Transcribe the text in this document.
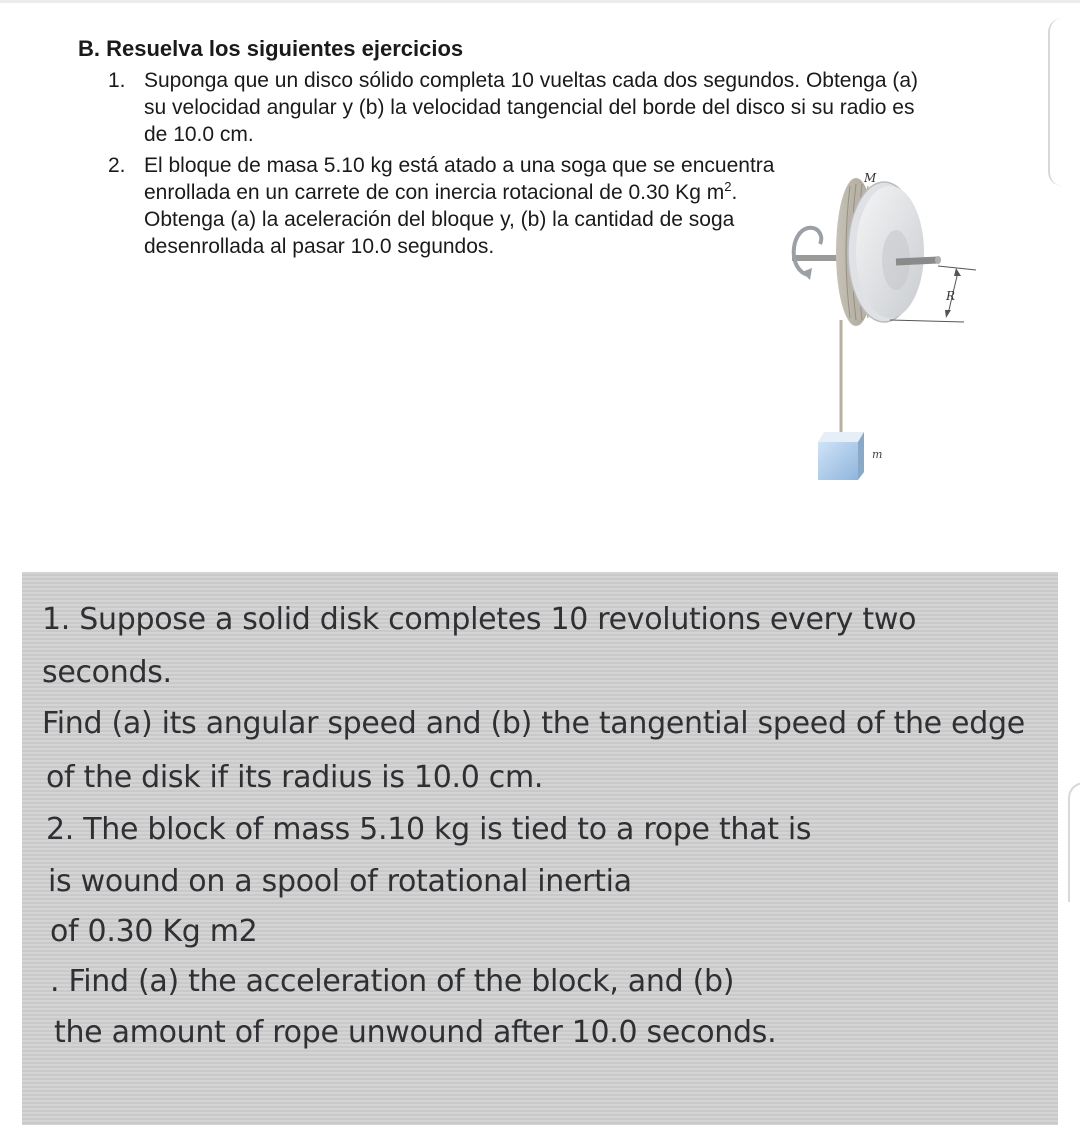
B. Resuelva los siguientes ejercicios
1. Suponga que un disco sólido completa 10 vueltas cada dos segundos. Obtenga (a) su velocidad angular y (b) la velocidad tangencial del borde del disco si su radio es de 10.0 cm.
2. El bloque de masa 5.10 kg está atado a una soga que se encuentra enrollada en un carrete de con inercia rotacional de 0.30 Kg $m^2$. Obtenga (a) la aceleración del bloque y, (b) la cantidad de soga desenrollada al pasar 10.0 segundos.
M
R
m
1. Suppose a solid disk completes 10 revolutions every two
seconds.
Find (a) its angular speed and (b) the tangential speed of the edge
of the disk if its radius is 10.0 cm.
2. The block of mass 5.10 kg is tied to a rope that is
is wound on a spool of rotational inertia
of 0.30 Kg m2
. Find (a) the acceleration of the block, and (b)
the amount of rope unwound after 10.0 seconds.
